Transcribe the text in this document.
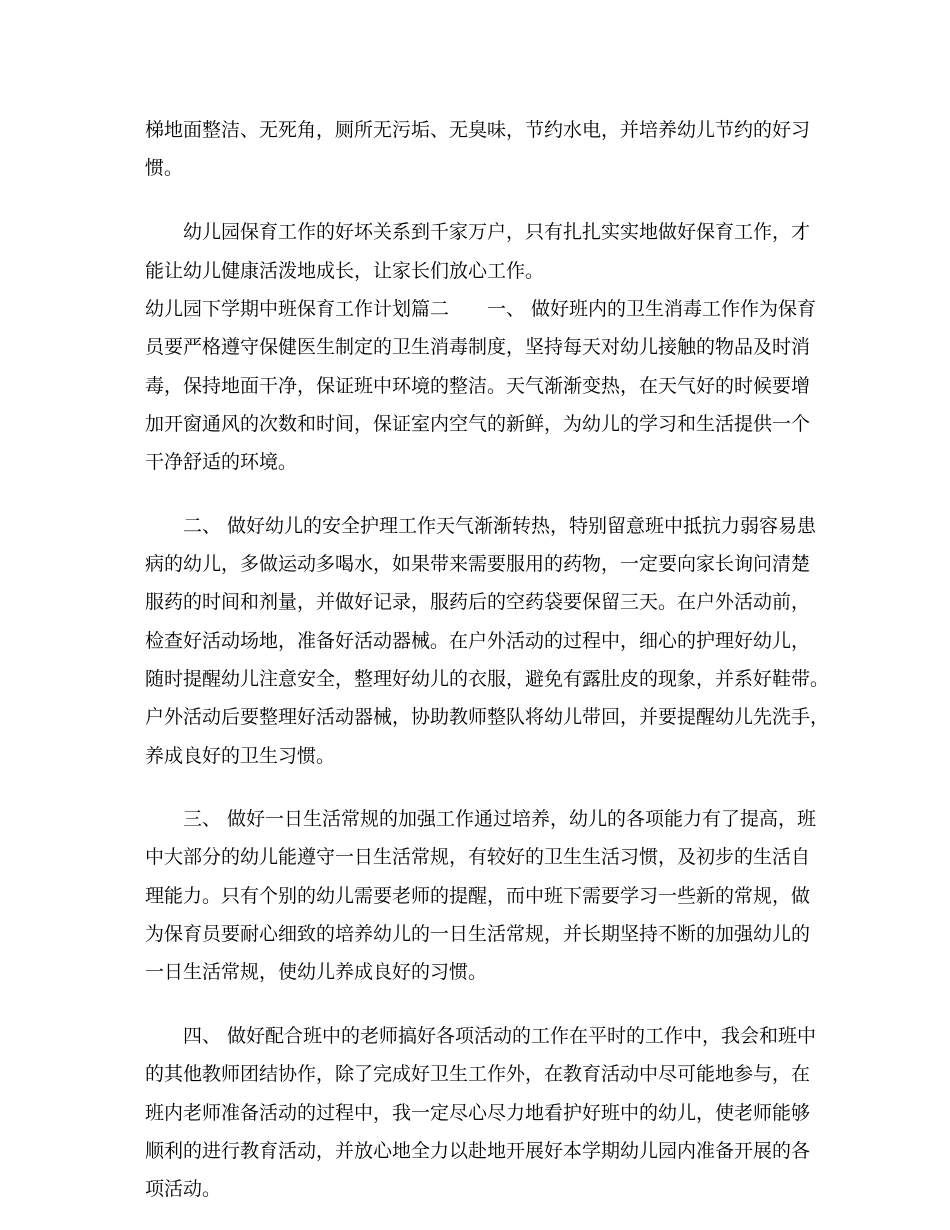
梯地面整洁、无死角，厕所无污垢、无臭味，节约水电，并培养幼儿节约的好习
惯。
幼儿园保育工作的好坏关系到千家万户，只有扎扎实实地做好保育工作，才
能让幼儿健康活泼地成长，让家长们放心工作。
幼儿园下学期中班保育工作计划篇二　　一、 做好班内的卫生消毒工作作为保育
员要严格遵守保健医生制定的卫生消毒制度，坚持每天对幼儿接触的物品及时消
毒，保持地面干净，保证班中环境的整洁。天气渐渐变热，在天气好的时候要增
加开窗通风的次数和时间，保证室内空气的新鲜，为幼儿的学习和生活提供一个
干净舒适的环境。
二、 做好幼儿的安全护理工作天气渐渐转热，特别留意班中抵抗力弱容易患
病的幼儿，多做运动多喝水，如果带来需要服用的药物，一定要向家长询问清楚
服药的时间和剂量，并做好记录，服药后的空药袋要保留三天。在户外活动前，
检查好活动场地，准备好活动器械。在户外活动的过程中，细心的护理好幼儿，
随时提醒幼儿注意安全，整理好幼儿的衣服，避免有露肚皮的现象，并系好鞋带。
户外活动后要整理好活动器械，协助教师整队将幼儿带回，并要提醒幼儿先洗手，
养成良好的卫生习惯。
三、 做好一日生活常规的加强工作通过培养，幼儿的各项能力有了提高，班
中大部分的幼儿能遵守一日生活常规，有较好的卫生生活习惯，及初步的生活自
理能力。只有个别的幼儿需要老师的提醒，而中班下需要学习一些新的常规，做
为保育员要耐心细致的培养幼儿的一日生活常规，并长期坚持不断的加强幼儿的
一日生活常规，使幼儿养成良好的习惯。
四、 做好配合班中的老师搞好各项活动的工作在平时的工作中，我会和班中
的其他教师团结协作，除了完成好卫生工作外，在教育活动中尽可能地参与，在
班内老师准备活动的过程中，我一定尽心尽力地看护好班中的幼儿，使老师能够
顺利的进行教育活动，并放心地全力以赴地开展好本学期幼儿园内准备开展的各
项活动。
